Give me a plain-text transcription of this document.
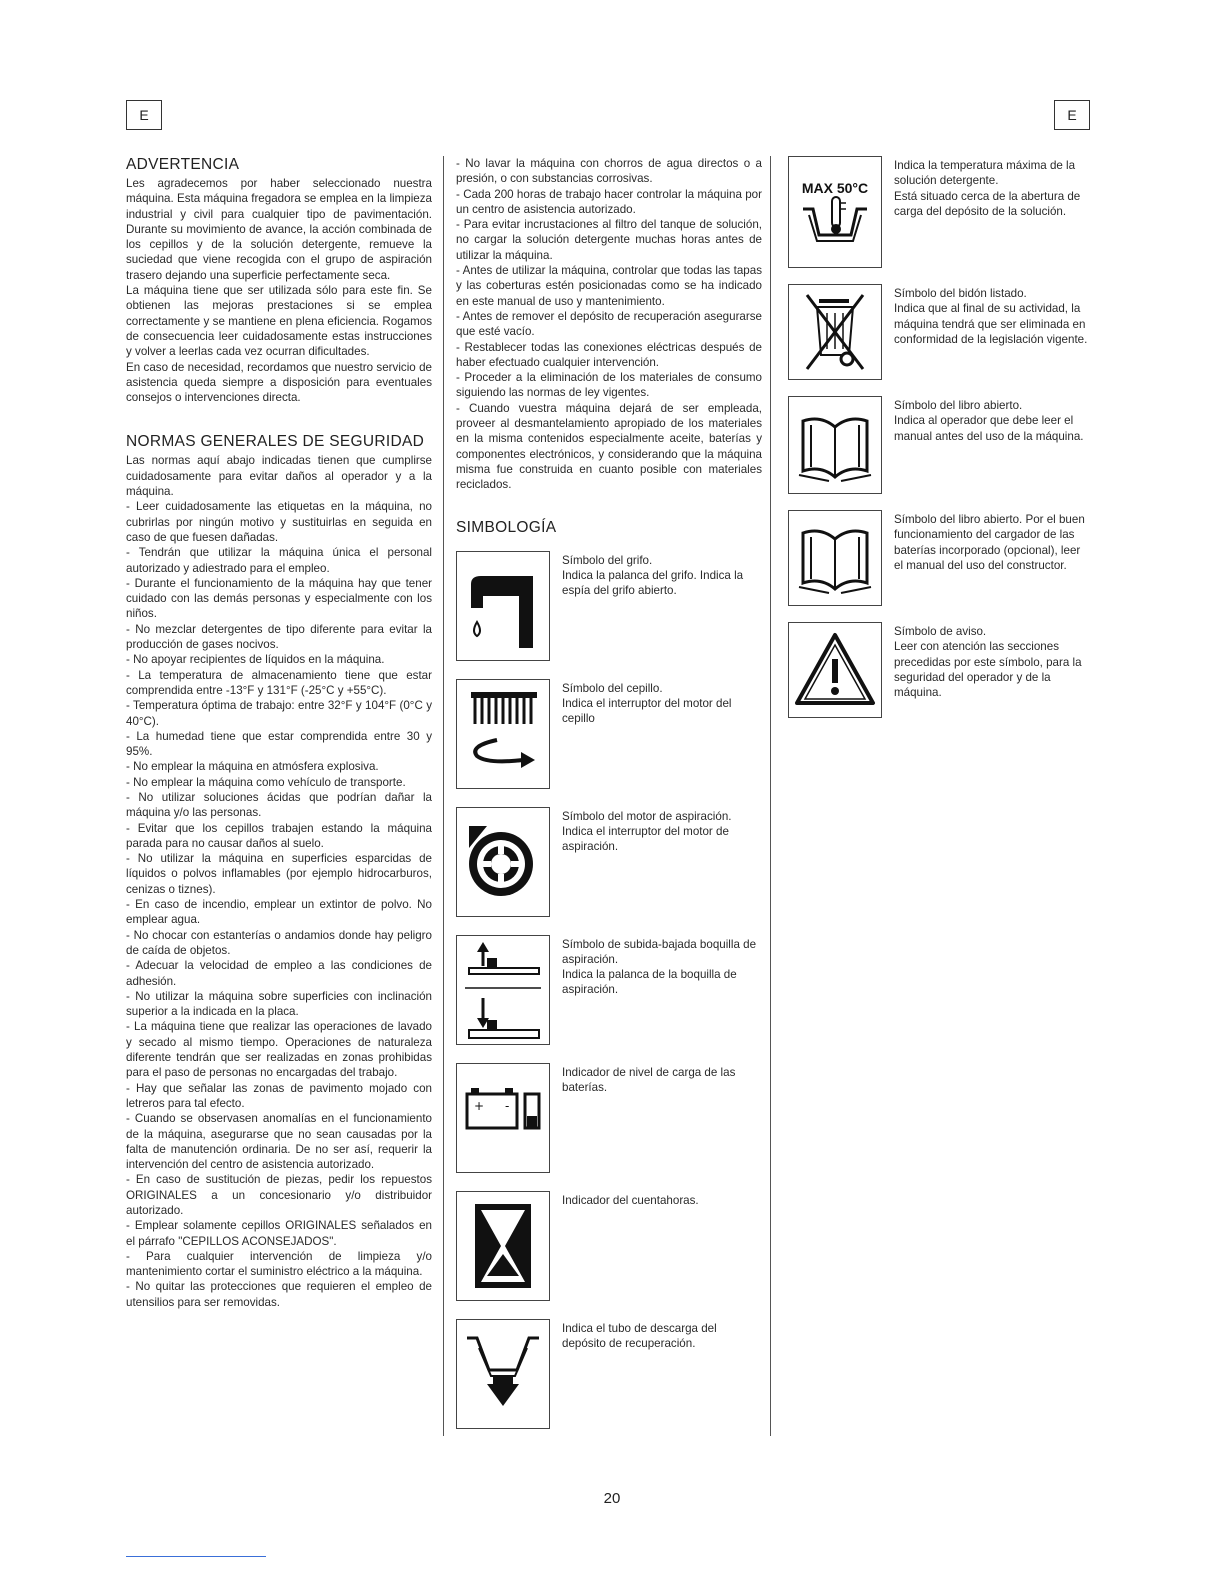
E	E
ADVERTENCIA

Les agradecemos por haber seleccionado nuestra máquina. Esta máquina fregadora se emplea en la limpieza industrial y civil para cualquier tipo de pavimentación. Durante su movimiento de avance, la acción combinada de los cepillos y de la solución detergente, remueve la suciedad que viene recogida con el grupo de aspiración trasero dejando una superficie perfectamente seca.

La máquina tiene que ser utilizada sólo para este fin. Se obtienen las mejoras prestaciones si se emplea correctamente y se mantiene en plena eficiencia. Rogamos de consecuencia leer cuidadosamente estas instrucciones y volver a leerlas cada vez ocurran dificultades.

En caso de necesidad, recordamos que nuestro servicio de asistencia queda siempre a disposición para eventuales consejos o intervenciones directa.

NORMAS GENERALES DE SEGURIDAD

Las normas aquí abajo indicadas tienen que cumplirse cuidadosamente para evitar daños al operador y a la máquina.

- Leer cuidadosamente las etiquetas en la máquina, no cubrirlas por ningún motivo y sustituirlas en seguida en caso de que fuesen dañadas.

- Tendrán que utilizar la máquina única el personal autorizado y adiestrado para el empleo.

- Durante el funcionamiento de la máquina hay que tener cuidado con las demás personas y especialmente con los niños.

- No mezclar detergentes de tipo diferente para evitar la producción de gases nocivos.

- No apoyar recipientes de líquidos en la máquina.

- La temperatura de almacenamiento tiene que estar comprendida entre -13°F y 131°F (-25°C y +55°C).

- Temperatura óptima de trabajo: entre 32°F y 104°F (0°C y 40°C).

- La humedad tiene que estar comprendida entre 30 y 95%.

- No emplear la máquina en atmósfera explosiva.

- No emplear la máquina como vehículo de transporte.

- No utilizar soluciones ácidas que podrían dañar la máquina y/o las personas.

- Evitar que los cepillos trabajen estando la máquina parada para no causar daños al suelo.

- No utilizar la máquina en superficies esparcidas de líquidos o polvos inflamables (por ejemplo hidrocarburos, cenizas o tiznes).

- En caso de incendio, emplear un extintor de polvo. No emplear agua.

- No chocar con estanterías o andamios donde hay peligro de caída de objetos.

- Adecuar la velocidad de empleo a las condiciones de adhesión.

- No utilizar la máquina sobre superficies con inclinación superior a la indicada en la placa.

- La máquina tiene que realizar las operaciones de lavado y secado al mismo tiempo. Operaciones de naturaleza diferente tendrán que ser realizadas en zonas prohibidas para el paso de personas no encargadas del trabajo.

- Hay que señalar las zonas de pavimento mojado con letreros para tal efecto.

- Cuando se observasen anomalías en el funcionamiento de la máquina, asegurarse que no sean causadas por la falta de manutención ordinaria. De no ser así, requerir la intervención del centro de asistencia autorizado.

- En caso de sustitución de piezas, pedir los repuestos ORIGINALES a un concesionario y/o distribuidor autorizado.

- Emplear solamente cepillos ORIGINALES señalados en el párrafo "CEPILLOS ACONSEJADOS".

- Para cualquier intervención de limpieza y/o mantenimiento cortar el suministro eléctrico a la máquina.

- No quitar las protecciones que requieren el empleo de utensilios para ser removidas.

- No lavar la máquina con chorros de agua directos o a presión, o con substancias corrosivas.

- Cada 200 horas de trabajo hacer controlar la máquina por un centro de asistencia autorizado.

- Para evitar incrustaciones al filtro del tanque de solución, no cargar la solución detergente muchas horas antes de utilizar la máquina.

- Antes de utilizar la máquina, controlar que todas las tapas y las coberturas estén posicionadas como se ha indicado en este manual de uso y mantenimiento.

- Antes de remover el depósito de recuperación asegurarse que esté vacío.

- Restablecer todas las conexiones eléctricas después de haber efectuado cualquier intervención.

- Proceder a la eliminación de los materiales de consumo siguiendo las normas de ley vigentes.

- Cuando vuestra máquina dejará de ser empleada, proveer al desmantelamiento apropiado de los materiales en la misma contenidos especialmente aceite, baterías y componentes electrónicos, y considerando que la máquina misma fue construida en cuanto posible con materiales reciclados.

SIMBOLOGÍA
Símbolo del grifo.
Indica la palanca del grifo. Indica la espía del grifo abierto.
Símbolo del cepillo.
Indica el interruptor del motor del cepillo
Símbolo del motor de aspiración.
Indica el interruptor del motor de aspiración.
Símbolo de subida-bajada boquilla de aspiración.
Indica la palanca de la boquilla de aspiración.
+ -
Indicador de nivel de carga de las baterías.
Indicador del cuentahoras.
Indica el tubo de descarga del depósito de recuperación.
MAX 50°C
Indica la temperatura máxima de la solución detergente.
Está situado cerca de la abertura de carga del depósito de la solución.
Símbolo del bidón listado.
Indica que al final de su actividad, la máquina tendrá que ser eliminada en conformidad de la legislación vigente.
Símbolo del libro abierto.
Indica al operador que debe leer el manual antes del uso de la máquina.
Símbolo del libro abierto. Por el buen funcionamiento del cargador de las baterías incorporado (opcional), leer el manual del uso del constructor.
Símbolo de aviso.
Leer con atención las secciones precedidas por este símbolo, para la seguridad del operador y de la máquina.
20
